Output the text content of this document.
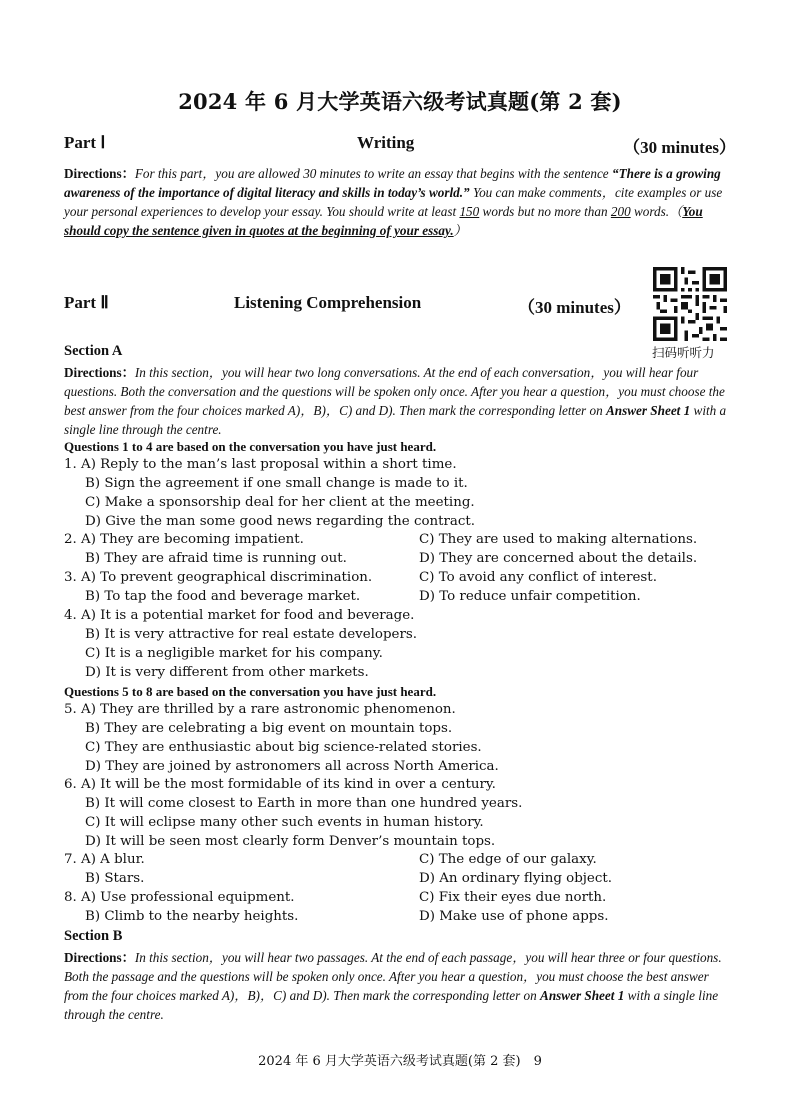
2024 年 6 月大学英语六级考试真题(第 2 套)
Part Ⅰ	Writing	（30 minutes）
Directions：For this part，you are allowed 30 minutes to write an essay that begins with the sentence “There is a growing awareness of the importance of digital literacy and skills in today’s world.” You can make comments，cite examples or use your personal experiences to develop your essay. You should write at least 150 words but no more than 200 words.（You should copy the sentence given in quotes at the beginning of your essay.）
Part Ⅱ	Listening Comprehension	（30 minutes）
扫码听听力
Section A
Directions：In this section，you will hear two long conversations. At the end of each conversation，you will hear four questions. Both the conversation and the questions will be spoken only once. After you hear a question，you must choose the best answer from the four choices marked A)，B)，C) and D). Then mark the corresponding letter on Answer Sheet 1 with a single line through the centre.
Questions 1 to 4 are based on the conversation you have just heard.
1. A) Reply to the man’s last proposal within a short time.
B) Sign the agreement if one small change is made to it.
C) Make a sponsorship deal for her client at the meeting.
D) Give the man some good news regarding the contract.
2. A) They are becoming impatient.	C) They are used to making alternations.
B) They are afraid time is running out.	D) They are concerned about the details.
3. A) To prevent geographical discrimination.	C) To avoid any conflict of interest.
B) To tap the food and beverage market.	D) To reduce unfair competition.
4. A) It is a potential market for food and beverage.
B) It is very attractive for real estate developers.
C) It is a negligible market for his company.
D) It is very different from other markets.
Questions 5 to 8 are based on the conversation you have just heard.
5. A) They are thrilled by a rare astronomic phenomenon.
B) They are celebrating a big event on mountain tops.
C) They are enthusiastic about big science-related stories.
D) They are joined by astronomers all across North America.
6. A) It will be the most formidable of its kind in over a century.
B) It will come closest to Earth in more than one hundred years.
C) It will eclipse many other such events in human history.
D) It will be seen most clearly form Denver’s mountain tops.
7. A) A blur.	C) The edge of our galaxy.
B) Stars.	D) An ordinary flying object.
8. A) Use professional equipment.	C) Fix their eyes due north.
B) Climb to the nearby heights.	D) Make use of phone apps.
Section B
Directions：In this section，you will hear two passages. At the end of each passage，you will hear three or four questions. Both the passage and the questions will be spoken only once. After you hear a question，you must choose the best answer from the four choices marked A)，B)，C) and D). Then mark the corresponding letter on Answer Sheet 1 with a single line through the centre.
2024 年 6 月大学英语六级考试真题(第 2 套)　9
